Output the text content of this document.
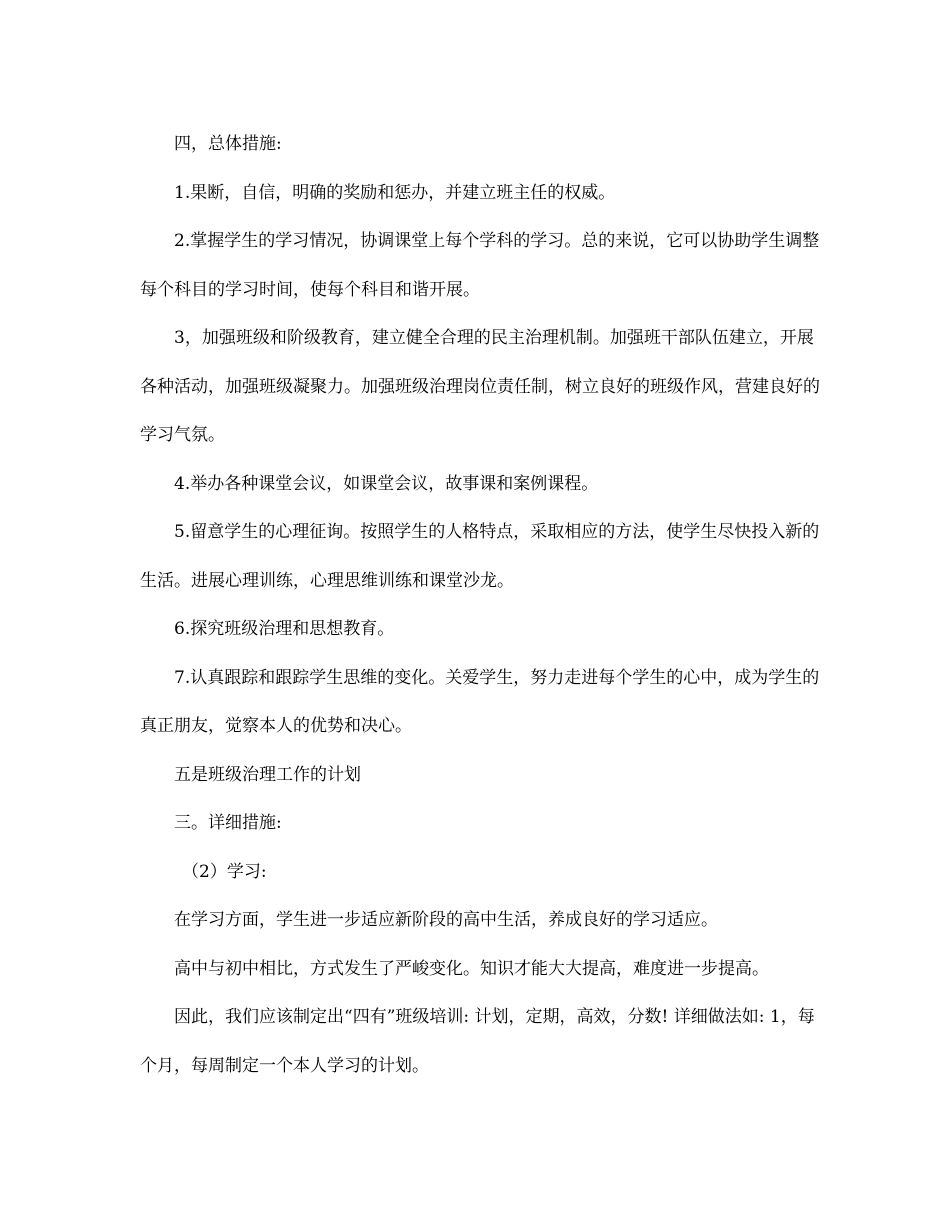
四，总体措施:

1.果断，自信，明确的奖励和惩办，并建立班主任的权威。

2.掌握学生的学习情况，协调课堂上每个学科的学习。总的来说，它可以协助学生调整每个科目的学习时间，使每个科目和谐开展。

3，加强班级和阶级教育，建立健全合理的民主治理机制。加强班干部队伍建立，开展各种活动，加强班级凝聚力。加强班级治理岗位责任制，树立良好的班级作风，营建良好的学习气氛。

4.举办各种课堂会议，如课堂会议，故事课和案例课程。

5.留意学生的心理征询。按照学生的人格特点，采取相应的方法，使学生尽快投入新的生活。进展心理训练，心理思维训练和课堂沙龙。

6.探究班级治理和思想教育。

7.认真跟踪和跟踪学生思维的变化。关爱学生，努力走进每个学生的心中，成为学生的真正朋友，觉察本人的优势和决心。

五是班级治理工作的计划

三。详细措施:

（2）学习:

在学习方面，学生进一步适应新阶段的高中生活，养成良好的学习适应。

高中与初中相比，方式发生了严峻变化。知识才能大大提高，难度进一步提高。

因此，我们应该制定出“四有”班级培训: 计划，定期，高效，分数! 详细做法如: 1，每个月，每周制定一个本人学习的计划。
